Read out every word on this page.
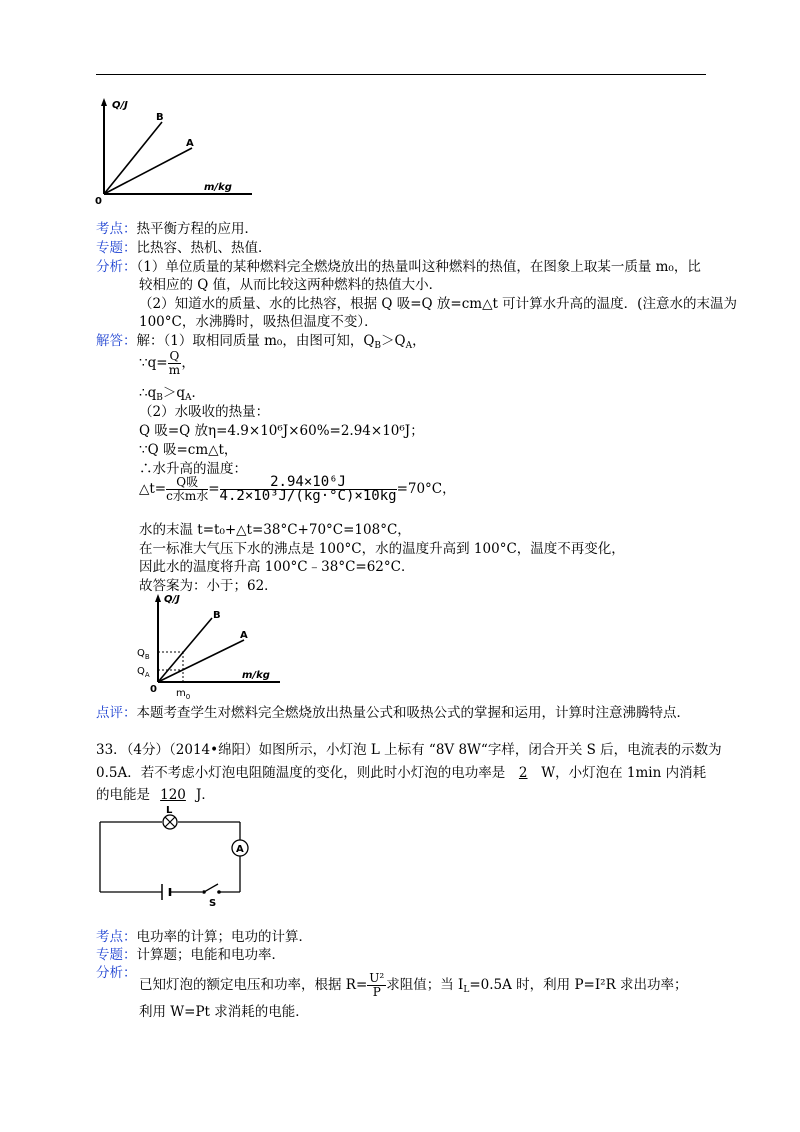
Q/J
m/kg
B
A
0
考点：热平衡方程的应用．
专题：比热容、热机、热值．
分析：（1）单位质量的某种燃料完全燃烧放出的热量叫这种燃料的热值，在图象上取某一质量 m₀，比
较相应的 Q 值，从而比较这两种燃料的热值大小．
（2）知道水的质量、水的比热容，根据 Q 吸=Q 放=cm△t 可计算水升高的温度．(注意水的末温为
100°C，水沸腾时，吸热但温度不变）．
解答：解：（1）取相同质量 m₀，由图可知，$Q_B>Q_A$，
∵q= $\frac{Q}{m}$ ，
$\therefore q_B>q_A$．
（2）水吸收的热量：
Q 吸=Q 放η=4.9×10⁶J×60%=2.94×10⁶J；
∵Q 吸=cm△t，
∴水升高的温度：
△t= $\frac{\text{Q吸}}{\text{c水m水}} = \frac{\text{2.94×10⁶J}}{\text{4.2×10³J/(kg·°C)×10kg}} =70^\circ C$，
水的末温 t=t₀+△t=38°C+70°C=108°C，
在一标准大气压下水的沸点是 100°C，水的温度升高到 100°C，温度不再变化，
因此水的温度将升高 100°C﹣38°C=62°C．
故答案为：小于；62．
Q/J
m/kg
B
A
0
$Q_B$
$Q_A$
$m_0$
点评：本题考查学生对燃料完全燃烧放出热量公式和吸热公式的掌握和运用，计算时注意沸腾特点．
33．（4分）（2014•绵阳）如图所示，小灯泡 L 上标有 “8V 8W“字样，闭合开关 S 后，电流表的示数为
0.5A．若不考虑小灯泡电阻随温度的变化，则此时小灯泡的电功率是 2 W，小灯泡在 1min 内消耗
的电能是 120 J．
L
A
S
考点：电功率的计算；电功的计算．
专题：计算题；电能和电功率．
分析：
已知灯泡的额定电压和功率，根据 $R= \frac{\text{U²}}{P}$ 求阻值；当 $I_L=0.5A$ 时，利用 P=I²R 求出功率；
利用 W=Pt 求消耗的电能．
